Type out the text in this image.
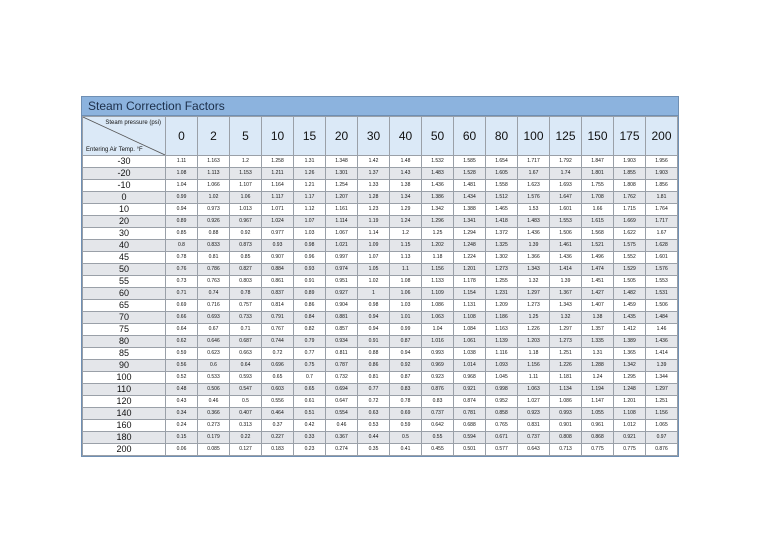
Steam Correction Factors
Steam pressure (psi)
Entering Air Temp. °F	0	2	5	10	15	20	30	40	50	60	80	100	125	150	175	200
-30	1.11	1.163	1.2	1.258	1.31	1.348	1.42	1.48	1.532	1.585	1.654	1.717	1.792	1.847	1.903	1.956
-20	1.08	1.113	1.153	1.211	1.26	1.301	1.37	1.43	1.483	1.528	1.605	1.67	1.74	1.801	1.855	1.903
-10	1.04	1.066	1.107	1.164	1.21	1.254	1.33	1.38	1.436	1.481	1.558	1.623	1.693	1.755	1.808	1.856
0	0.99	1.02	1.06	1.117	1.17	1.207	1.28	1.34	1.386	1.434	1.512	1.576	1.647	1.708	1.762	1.81
10	0.94	0.973	1.013	1.071	1.12	1.161	1.23	1.29	1.342	1.388	1.465	1.53	1.601	1.66	1.715	1.764
20	0.89	0.926	0.967	1.024	1.07	1.114	1.19	1.24	1.296	1.341	1.418	1.483	1.553	1.615	1.669	1.717
30	0.85	0.88	0.92	0.977	1.03	1.067	1.14	1.2	1.25	1.294	1.372	1.436	1.506	1.568	1.622	1.67
40	0.8	0.833	0.873	0.93	0.98	1.021	1.09	1.15	1.202	1.248	1.325	1.39	1.461	1.521	1.575	1.628
45	0.78	0.81	0.85	0.907	0.96	0.997	1.07	1.13	1.18	1.224	1.302	1.366	1.436	1.496	1.552	1.601
50	0.76	0.786	0.827	0.884	0.93	0.974	1.05	1.1	1.156	1.201	1.273	1.343	1.414	1.474	1.529	1.576
55	0.73	0.763	0.803	0.861	0.91	0.951	1.02	1.08	1.133	1.178	1.255	1.32	1.39	1.451	1.505	1.553
60	0.71	0.74	0.78	0.837	0.89	0.927	1	1.06	1.109	1.154	1.231	1.297	1.367	1.427	1.482	1.531
65	0.69	0.716	0.757	0.814	0.86	0.904	0.98	1.03	1.086	1.131	1.209	1.273	1.343	1.407	1.459	1.506
70	0.66	0.693	0.733	0.791	0.84	0.881	0.94	1.01	1.063	1.108	1.186	1.25	1.32	1.38	1.435	1.484
75	0.64	0.67	0.71	0.767	0.82	0.857	0.94	0.99	1.04	1.084	1.163	1.226	1.297	1.357	1.412	1.46
80	0.62	0.646	0.687	0.744	0.79	0.934	0.91	0.87	1.016	1.061	1.139	1.203	1.273	1.335	1.389	1.436
85	0.59	0.623	0.663	0.72	0.77	0.811	0.88	0.94	0.993	1.038	1.116	1.18	1.251	1.31	1.365	1.414
90	0.56	0.6	0.64	0.696	0.75	0.787	0.86	0.92	0.969	1.014	1.093	1.156	1.226	1.288	1.342	1.39
100	0.52	0.533	0.593	0.65	0.7	0.732	0.81	0.87	0.923	0.968	1.045	1.11	1.181	1.24	1.295	1.344
110	0.48	0.506	0.547	0.603	0.65	0.694	0.77	0.83	0.876	0.921	0.998	1.063	1.134	1.194	1.248	1.297
120	0.43	0.46	0.5	0.556	0.61	0.647	0.72	0.78	0.83	0.874	0.952	1.027	1.086	1.147	1.201	1.251
140	0.34	0.366	0.407	0.464	0.51	0.554	0.63	0.69	0.737	0.781	0.858	0.923	0.993	1.055	1.108	1.156
160	0.24	0.273	0.313	0.37	0.42	0.46	0.53	0.59	0.642	0.688	0.765	0.831	0.901	0.961	1.012	1.065
180	0.15	0.179	0.22	0.227	0.33	0.367	0.44	0.5	0.55	0.594	0.671	0.737	0.808	0.868	0.921	0.97
200	0.06	0.085	0.127	0.183	0.23	0.274	0.35	0.41	0.455	0.501	0.577	0.643	0.713	0.775	0.775	0.876
